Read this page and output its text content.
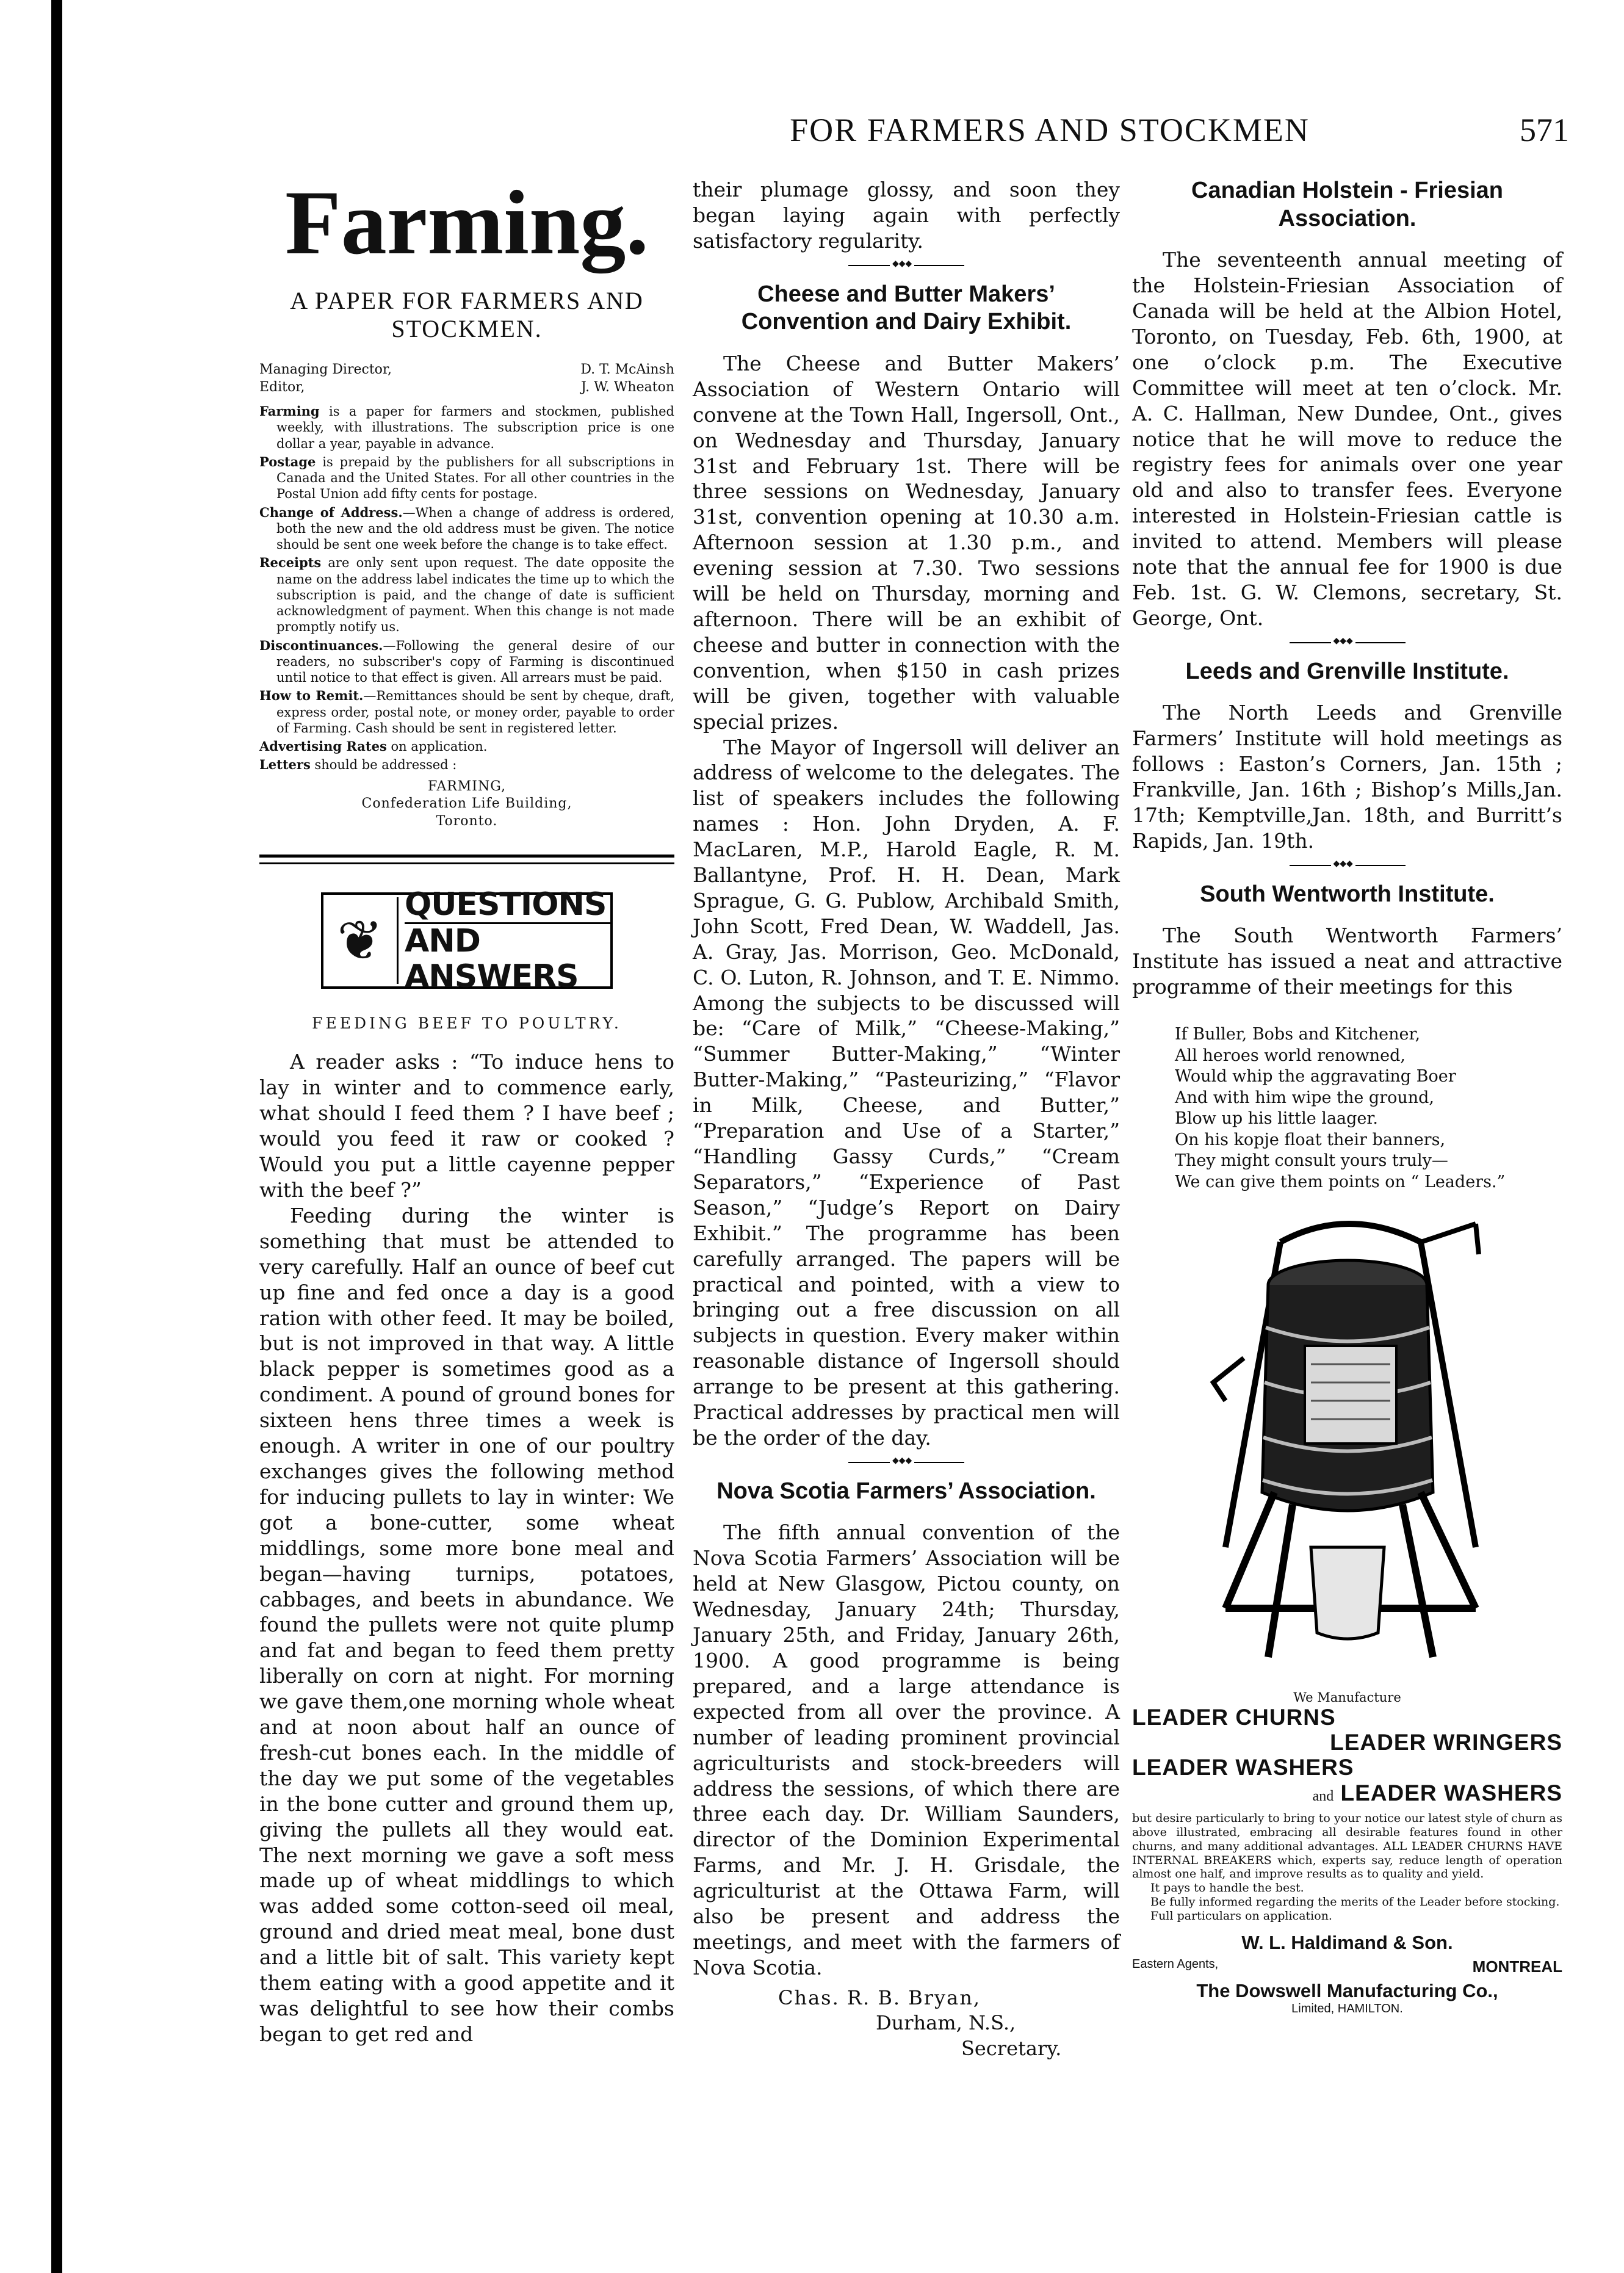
FOR FARMERS AND STOCKMEN	571
Farming.
A PAPER FOR FARMERS AND STOCKMEN.
Managing Director,	D. T. McAinsh
Editor,	J. W. Wheaton

Farming is a paper for farmers and stockmen, published weekly, with illustrations. The subscription price is one dollar a year, payable in advance.

Postage is prepaid by the publishers for all subscriptions in Canada and the United States. For all other countries in the Postal Union add fifty cents for postage.

Change of Address.—When a change of address is ordered, both the new and the old address must be given. The notice should be sent one week before the change is to take effect.

Receipts are only sent upon request. The date opposite the name on the address label indicates the time up to which the subscription is paid, and the change of date is sufficient acknowledgment of payment. When this change is not made promptly notify us.

Discontinuances.—Following the general desire of our readers, no subscriber's copy of Farming is discontinued until notice to that effect is given. All arrears must be paid.

How to Remit.—Remittances should be sent by cheque, draft, express order, postal note, or money order, payable to order of Farming. Cash should be sent in registered letter.

Advertising Rates on application.

Letters should be addressed :

FARMING,
Confederation Life Building,
Toronto.
❦
QUESTIONS
AND ANSWERS
FEEDING BEEF TO POULTRY.

A reader asks : “To induce hens to lay in winter and to commence early, what should I feed them ? I have beef ; would you feed it raw or cooked ? Would you put a little cayenne pepper with the beef ?”

Feeding during the winter is something that must be attended to very carefully. Half an ounce of beef cut up fine and fed once a day is a good ration with other feed. It may be boiled, but is not improved in that way. A little black pepper is sometimes good as a condiment. A pound of ground bones for sixteen hens three times a week is enough. A writer in one of our poultry exchanges gives the following method for inducing pullets to lay in winter: We got a bone-cutter, some wheat middlings, some more bone meal and began—having turnips, potatoes, cabbages, and beets in abundance. We found the pullets were not quite plump and fat and began to feed them pretty liberally on corn at night. For morning we gave them,one morning whole wheat and at noon about half an ounce of fresh-cut bones each. In the middle of the day we put some of the vegetables in the bone cutter and ground them up, giving the pullets all they would eat. The next morning we gave a soft mess made up of wheat middlings to which was added some cotton-seed oil meal, ground and dried meat meal, bone dust and a little bit of salt. This variety kept them eating with a good appetite and it was delightful to see how their combs began to get red and

their plumage glossy, and soon they began laying again with perfectly satisfactory regularity.

◆◆◆
Cheese and Butter Makers’ Convention and Dairy Exhibit.

The Cheese and Butter Makers’ Association of Western Ontario will convene at the Town Hall, Ingersoll, Ont., on Wednesday and Thursday, January 31st and February 1st. There will be three sessions on Wednesday, January 31st, convention opening at 10.30 a.m. Afternoon session at 1.30 p.m., and evening session at 7.30. Two sessions will be held on Thursday, morning and afternoon. There will be an exhibit of cheese and butter in connection with the convention, when $150 in cash prizes will be given, together with valuable special prizes.

The Mayor of Ingersoll will deliver an address of welcome to the delegates. The list of speakers includes the following names : Hon. John Dryden, A. F. MacLaren, M.P., Harold Eagle, R. M. Ballantyne, Prof. H. H. Dean, Mark Sprague, G. G. Publow, Archibald Smith, John Scott, Fred Dean, W. Waddell, Jas. A. Gray, Jas. Morrison, Geo. McDonald, C. O. Luton, R. Johnson, and T. E. Nimmo. Among the subjects to be discussed will be: “Care of Milk,” “Cheese-Making,” “Summer Butter-Making,” “Winter Butter-Making,” “Pasteurizing,” “Flavor in Milk, Cheese, and Butter,” “Preparation and Use of a Starter,” “Handling Gassy Curds,” “Cream Separators,” “Experience of Past Season,” “Judge’s Report on Dairy Exhibit.” The programme has been carefully arranged. The papers will be practical and pointed, with a view to bringing out a free discussion on all subjects in question. Every maker within reasonable distance of Ingersoll should arrange to be present at this gathering. Practical addresses by practical men will be the order of the day.

◆◆◆
Nova Scotia Farmers’ Association.

The fifth annual convention of the Nova Scotia Farmers’ Association will be held at New Glasgow, Pictou county, on Wednesday, January 24th; Thursday, January 25th, and Friday, January 26th, 1900. A good programme is being prepared, and a large attendance is expected from all over the province. A number of leading prominent provincial agriculturists and stock-breeders will address the sessions, of which there are three each day. Dr. William Saunders, director of the Dominion Experimental Farms, and Mr. J. H. Grisdale, the agriculturist at the Ottawa Farm, will also be present and address the meetings, and meet with the farmers of Nova Scotia.

Chas. R. B. Bryan,
Durham, N.S.,
Secretary.
Canadian Holstein - Friesian Association.

The seventeenth annual meeting of the Holstein-Friesian Association of Canada will be held at the Albion Hotel, Toronto, on Tuesday, Feb. 6th, 1900, at one o’clock p.m. The Executive Committee will meet at ten o’clock. Mr. A. C. Hallman, New Dundee, Ont., gives notice that he will move to reduce the registry fees for animals over one year old and also to transfer fees. Everyone interested in Holstein-Friesian cattle is invited to attend. Members will please note that the annual fee for 1900 is due Feb. 1st. G. W. Clemons, secretary, St. George, Ont.

◆◆◆
Leeds and Grenville Institute.

The North Leeds and Grenville Farmers’ Institute will hold meetings as follows : Easton’s Corners, Jan. 15th ; Frankville, Jan. 16th ; Bishop’s Mills,Jan. 17th; Kemptville,Jan. 18th, and Burritt’s Rapids, Jan. 19th.

◆◆◆
South Wentworth Institute.

The South Wentworth Farmers’ Institute has issued a neat and attractive programme of their meetings for this

If Buller, Bobs and Kitchener,
All heroes world renowned,
Would whip the aggravating Boer
And with him wipe the ground,
Blow up his little laager.
On his kopje float their banners,
They might consult yours truly—
We can give them points on “ Leaders.”
We Manufacture
LEADER CHURNS
LEADER WRINGERS
LEADER WASHERS
and LEADER WASHERS

but desire particularly to bring to your notice our latest style of churn as above illustrated, embracing all desirable features found in other churns, and many additional advantages. ALL LEADER CHURNS HAVE INTERNAL BREAKERS which, experts say, reduce length of operation almost one half, and improve results as to quality and yield.

It pays to handle the best.

Be fully informed regarding the merits of the Leader before stocking.

Full particulars on application.

W. L. Haldimand & Son.
Eastern Agents,	MONTREAL
The Dowswell Manufacturing Co.,
Limited, HAMILTON.
